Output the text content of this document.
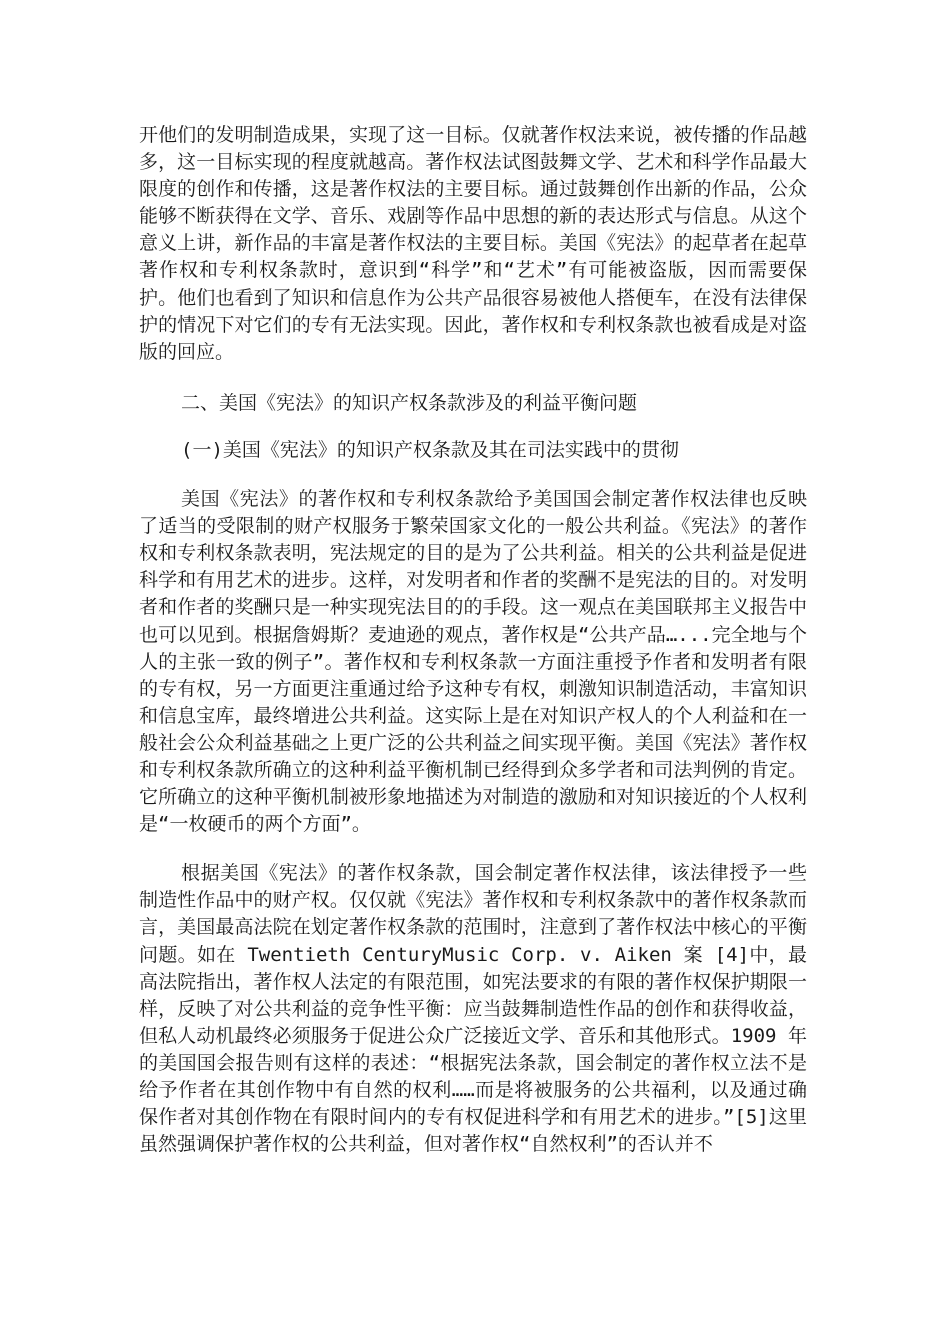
开他们的发明制造成果，实现了这一目标。仅就著作权法来说，被传播的作品越多，这一目标实现的程度就越高。著作权法试图鼓舞文学、艺术和科学作品最大限度的创作和传播，这是著作权法的主要目标。通过鼓舞创作出新的作品，公众能够不断获得在文学、音乐、戏剧等作品中思想的新的表达形式与信息。从这个意义上讲，新作品的丰富是著作权法的主要目标。美国《宪法》的起草者在起草著作权和专利权条款时，意识到“科学”和“艺术”有可能被盗版，因而需要保护。他们也看到了知识和信息作为公共产品很容易被他人搭便车，在没有法律保护的情况下对它们的专有无法实现。因此，著作权和专利权条款也被看成是对盗版的回应。

二、美国《宪法》的知识产权条款涉及的利益平衡问题

(一)美国《宪法》的知识产权条款及其在司法实践中的贯彻

美国《宪法》的著作权和专利权条款给予美国国会制定著作权法律也反映了适当的受限制的财产权服务于繁荣国家文化的一般公共利益。《宪法》的著作权和专利权条款表明，宪法规定的目的是为了公共利益。相关的公共利益是促进科学和有用艺术的进步。这样，对发明者和作者的奖酬不是宪法的目的。对发明者和作者的奖酬只是一种实现宪法目的的手段。这一观点在美国联邦主义报告中也可以见到。根据詹姆斯？麦迪逊的观点，著作权是“公共产品…...完全地与个人的主张一致的例子”。著作权和专利权条款一方面注重授予作者和发明者有限的专有权，另一方面更注重通过给予这种专有权，刺激知识制造活动，丰富知识和信息宝库，最终增进公共利益。这实际上是在对知识产权人的个人利益和在一般社会公众利益基础之上更广泛的公共利益之间实现平衡。美国《宪法》著作权和专利权条款所确立的这种利益平衡机制已经得到众多学者和司法判例的肯定。它所确立的这种平衡机制被形象地描述为对制造的激励和对知识接近的个人权利是“一枚硬币的两个方面”。

根据美国《宪法》的著作权条款，国会制定著作权法律，该法律授予一些制造性作品中的财产权。仅仅就《宪法》著作权和专利权条款中的著作权条款而言，美国最高法院在划定著作权条款的范围时，注意到了著作权法中核心的平衡问题。如在 Twentieth CenturyMusic Corp. v. Aiken 案 [4]中，最高法院指出，著作权人法定的有限范围，如宪法要求的有限的著作权保护期限一样，反映了对公共利益的竞争性平衡：应当鼓舞制造性作品的创作和获得收益，但私人动机最终必须服务于促进公众广泛接近文学、音乐和其他形式。1909 年的美国国会报告则有这样的表述：“根据宪法条款，国会制定的著作权立法不是给予作者在其创作物中有自然的权利……而是将被服务的公共福利，以及通过确保作者对其创作物在有限时间内的专有权促进科学和有用艺术的进步。”[5]这里虽然强调保护著作权的公共利益，但对著作权“自然权利”的否认并不
